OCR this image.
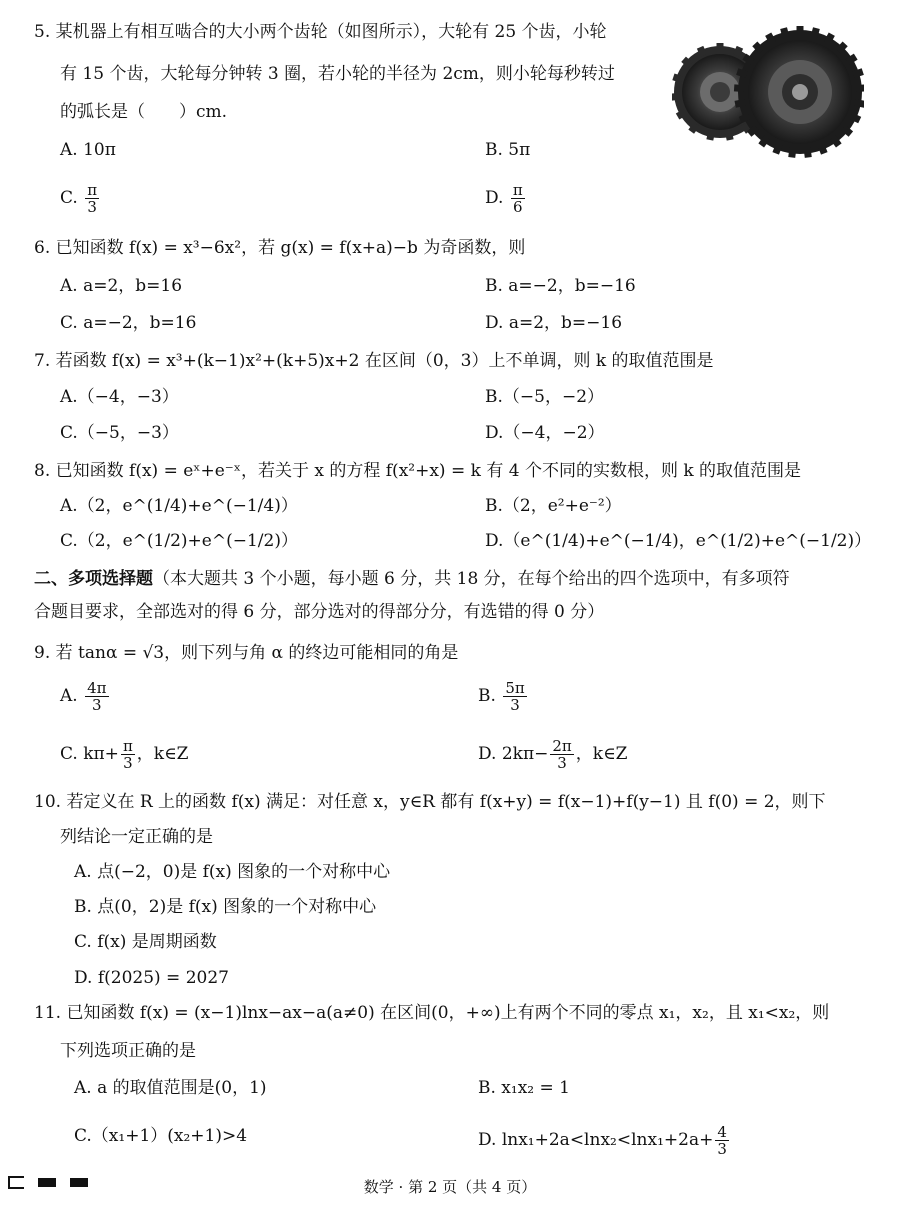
5. 某机器上有相互啮合的大小两个齿轮（如图所示），大轮有 25 个齿，小轮
有 15 个齿，大轮每分钟转 3 圈，若小轮的半径为 2cm，则小轮每秒转过
的弧长是（　　）cm.
A. 10π	B. 5π
C. $\frac{\pi}{3}$	D. $\frac{\pi}{6}$
6. 已知函数 f(x) = x³−6x²，若 g(x) = f(x+a)−b 为奇函数，则
A. a=2，b=16	B. a=−2，b=−16
C. a=−2，b=16	D. a=2，b=−16
7. 若函数 f(x) = x³+(k−1)x²+(k+5)x+2 在区间（0，3）上不单调，则 k 的取值范围是
A.（−4，−3）	B.（−5，−2）
C.（−5，−3）	D.（−4，−2）
8. 已知函数 f(x) = eˣ+e⁻ˣ，若关于 x 的方程 f(x²+x) = k 有 4 个不同的实数根，则 k 的取值范围是
A.（2，e^(1/4)+e^(−1/4)）	B.（2，e²+e⁻²）
C.（2，e^(1/2)+e^(−1/2)）	D.（e^(1/4)+e^(−1/4)，e^(1/2)+e^(−1/2)）
二、多项选择题（本大题共 3 个小题，每小题 6 分，共 18 分，在每个给出的四个选项中，有多项符
合题目要求，全部选对的得 6 分，部分选对的得部分分，有选错的得 0 分）
9. 若 tanα = √3，则下列与角 α 的终边可能相同的角是
A. $\frac{4\pi}{3}$	B. $\frac{5\pi}{3}$
C. $k\pi+ \frac{\pi}{3}$ ，k∈Z	D. $2k\pi- \frac{2\pi}{3}$ ，k∈Z
10. 若定义在 R 上的函数 f(x) 满足：对任意 x，y∈R 都有 f(x+y) = f(x−1)+f(y−1) 且 f(0) = 2，则下
列结论一定正确的是
A. 点(−2，0)是 f(x) 图象的一个对称中心
B. 点(0，2)是 f(x) 图象的一个对称中心
C. f(x) 是周期函数
D. f(2025) = 2027
11. 已知函数 f(x) = (x−1)lnx−ax−a(a≠0) 在区间(0，+∞)上有两个不同的零点 x₁，x₂，且 x₁<x₂，则
下列选项正确的是
A. a 的取值范围是(0，1)	B. x₁x₂ = 1
C.（x₁+1）(x₂+1)>4	D. $\ln x_1+2a<\ln x_2<\ln x_1+2a+ \frac{4}{3}$
数学 · 第 2 页（共 4 页）
